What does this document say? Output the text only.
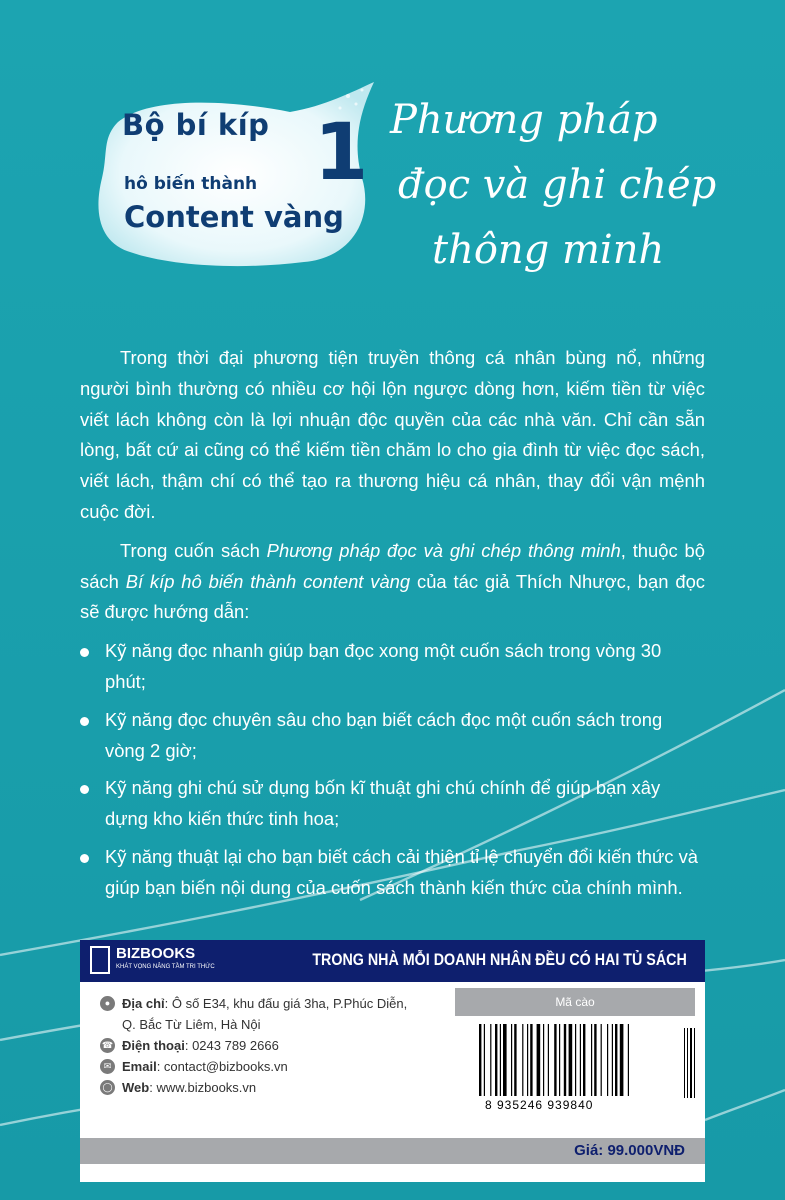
Bộ bí kíp
hô biến thành
Content vàng
1 Phương pháp
đọc và ghi chép
thông minh

Trong thời đại phương tiện truyền thông cá nhân bùng nổ, những người bình thường có nhiều cơ hội lộn ngược dòng hơn, kiếm tiền từ việc viết lách không còn là lợi nhuận độc quyền của các nhà văn. Chỉ cần sẵn lòng, bất cứ ai cũng có thể kiếm tiền chăm lo cho gia đình từ việc đọc sách, viết lách, thậm chí có thể tạo ra thương hiệu cá nhân, thay đổi vận mệnh cuộc đời.

Trong cuốn sách Phương pháp đọc và ghi chép thông minh, thuộc bộ sách Bí kíp hô biến thành content vàng của tác giả Thích Nhược, bạn đọc sẽ được hướng dẫn:

Kỹ năng đọc nhanh giúp bạn đọc xong một cuốn sách trong vòng 30 phút;
Kỹ năng đọc chuyên sâu cho bạn biết cách đọc một cuốn sách trong vòng 2 giờ;
Kỹ năng ghi chú sử dụng bốn kĩ thuật ghi chú chính để giúp bạn xây dựng kho kiến thức tinh hoa;
Kỹ năng thuật lại cho bạn biết cách cải thiện tỉ lệ chuyển đổi kiến thức và giúp bạn biến nội dung của cuốn sách thành kiến thức của chính mình.
BIZBOOKS
KHÁT VỌNG NÂNG TẦM TRI THỨC	TRONG NHÀ MỖI DOANH NHÂN ĐỀU CÓ HAI TỦ SÁCH
● Địa chỉ: Ô số E34, khu đấu giá 3ha, P.Phúc Diễn,
Q. Bắc Từ Liêm, Hà Nội
☎ Điện thoại: 0243 789 2666
✉ Email: contact@bizbooks.vn
◯ Web: www.bizbooks.vn
Mã cào
8 935246 939840
Giá: 99.000VNĐ
